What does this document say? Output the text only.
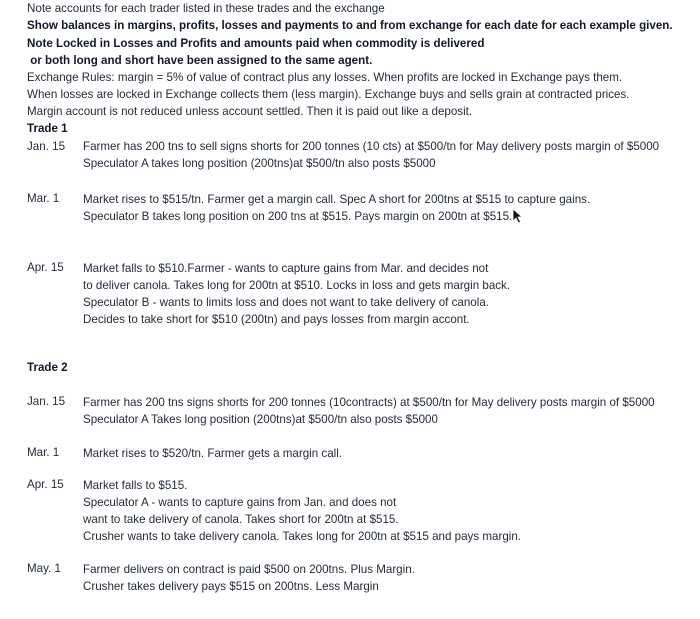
Note accounts for each trader listed in these trades and the exchange
Show balances in margins, profits, losses and payments to and from exchange for each date for each example given.
Note Locked in Losses and Profits and amounts paid when commodity is delivered
or both long and short have been assigned to the same agent.
Exchange Rules: margin = 5% of value of contract plus any losses. When profits are locked in Exchange pays them.
When losses are locked in Exchange collects them (less margin). Exchange buys and sells grain at contracted prices.
Margin account is not reduced unless account settled. Then it is paid out like a deposit.
Trade 1
Jan. 15 Farmer has 200 tns to sell signs shorts for 200 tonnes (10 cts) at $500/tn for May delivery posts margin of $5000
Speculator A takes long position (200tns)at $500/tn also posts $5000
Mar. 1 Market rises to $515/tn. Farmer get a margin call. Spec A short for 200tns at $515 to capture gains.
Speculator B takes long position on 200 tns at $515. Pays margin on 200tn at $515.
Apr. 15 Market falls to $510.Farmer - wants to capture gains from Mar. and decides not
to deliver canola. Takes long for 200tn at $510. Locks in loss and gets margin back.
Speculator B - wants to limits loss and does not want to take delivery of canola.
Decides to take short for $510 (200tn) and pays losses from margin accont.
Trade 2
Jan. 15 Farmer has 200 tns signs shorts for 200 tonnes (10contracts) at $500/tn for May delivery posts margin of $5000
Speculator A Takes long position (200tns)at $500/tn also posts $5000
Mar. 1 Market rises to $520/tn. Farmer gets a margin call.
Apr. 15 Market falls to $515.
Speculator A - wants to capture gains from Jan. and does not
want to take delivery of canola. Takes short for 200tn at $515.
Crusher wants to take delivery canola. Takes long for 200tn at $515 and pays margin.
May. 1 Farmer delivers on contract is paid $500 on 200tns. Plus Margin.
Crusher takes delivery pays $515 on 200tns. Less Margin
